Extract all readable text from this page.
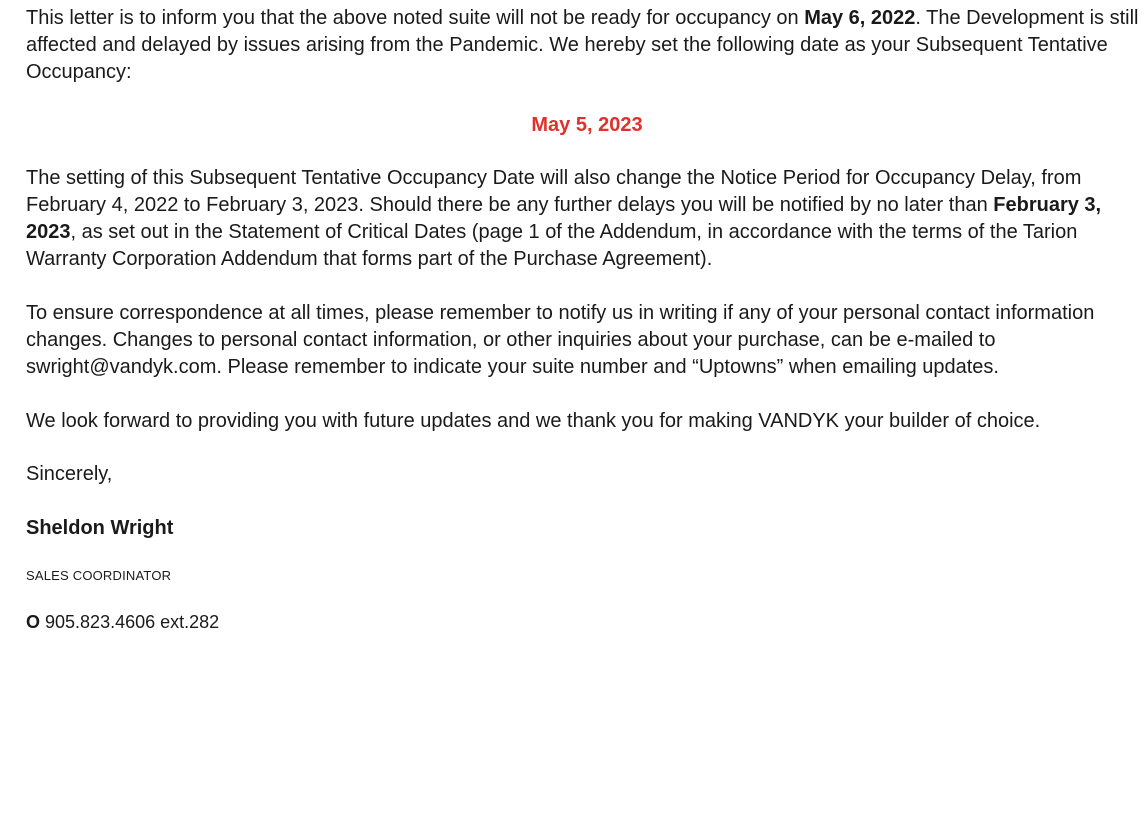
This letter is to inform you that the above noted suite will not be ready for occupancy on May 6, 2022. The Development is still affected and delayed by issues arising from the Pandemic. We hereby set the following date as your Subsequent Tentative Occupancy:

May 5, 2023

The setting of this Subsequent Tentative Occupancy Date will also change the Notice Period for Occupancy Delay, from February 4, 2022 to February 3, 2023. Should there be any further delays you will be notified by no later than February 3, 2023, as set out in the Statement of Critical Dates (page 1 of the Addendum, in accordance with the terms of the Tarion Warranty Corporation Addendum that forms part of the Purchase Agreement).

To ensure correspondence at all times, please remember to notify us in writing if any of your personal contact information changes. Changes to personal contact information, or other inquiries about your purchase, can be e-mailed to swright@vandyk.com. Please remember to indicate your suite number and “Uptowns” when emailing updates.

We look forward to providing you with future updates and we thank you for making VANDYK your builder of choice.

Sincerely,
Sheldon Wright
SALES COORDINATOR
O 905.823.4606 ext.282
